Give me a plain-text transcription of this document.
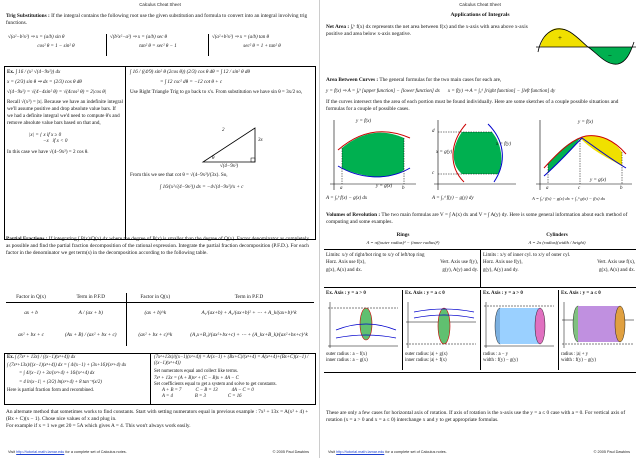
Calculus Cheat Sheet
Trig Substitutions : If the integral contains the following root use the given substitution and formula to convert into an integral involving trig functions.
√(a²−b²x²) ⇒ x = (a/b) sin θ
cos² θ = 1 − sin² θ
√(b²x²−a²) ⇒ x = (a/b) sec θ
tan² θ = sec² θ − 1
√(a²+b²x²) ⇒ x = (a/b) tan θ
sec² θ = 1 + tan² θ
Ex. ∫ 16 / (x² √(4−9x²)) dx
x = (2/3) sin θ ⇒ dx = (2/3) cos θ dθ
√(4−9x²) = √(4−4sin² θ) = √(4cos² θ) = 2|cos θ|
Recall √(x²) = |x|. Because we have an indefinite integral we'll assume positive and drop absolute value bars. If we had a definite integral we'd need to compute θ's and remove absolute value bars based on that and,
|x| = { x if x ≥ 0
−x   if x < 0
In this case we have √(4−9x²) = 2 cos θ.
∫ 16 / ((4/9) sin² θ (2cos θ)) (2/3) cos θ dθ = ∫ 12 / sin² θ dθ
= ∫ 12 csc² dθ = −12 cot θ + c
Use Right Triangle Trig to go back to x's. From substitution we have sin θ = 3x/2 so,
2
3x
√(4−9x²)
θ
From this we see that cot θ = √(4−9x²)/(3x). So,
∫ 16/(x²√(4−9x²)) dx = −4√(4−9x²)/x + c
Partial Fractions : If integrating ∫ P(x)/Q(x) dx where the degree of P(x) is smaller than the degree of Q(x). Factor denominator as completely as possible and find the partial fraction decomposition of the rational expression. Integrate the partial fraction decomposition (P.F.D.). For each factor in the denominator we get term(s) in the decomposition according to the following table.
Factor in Q(x)	Term in P.F.D	Factor in Q(x)	Term in P.F.D
ax + b	A / (ax + b)	(ax + b)^k	A₁/(ax+b) + A₂/(ax+b)² + ⋯ + A_k/(ax+b)^k
ax² + bx + c	(Ax + B) / (ax² + bx + c)	(ax² + bx + c)^k	(A₁x+B₁)/(ax²+bx+c) + ⋯ + (A_kx+B_k)/(ax²+bx+c)^k
Ex. ∫ (7x² + 13x) / ((x−1)(x²+4)) dx
∫ (7x²+13x)/((x−1)(x²+4)) dx = ∫ 4/(x−1) + (3x+16)/(x²+4) dx
= ∫ 4/(x−1) + 3x/(x²+4) + 16/(x²+4) dx
= 4 ln|x−1| + (3/2) ln(x²+4) + 8 tan⁻¹(x/2)
Here is partial fraction form and recombined.
(7x²+13x)/((x−1)(x²+4)) = A/(x−1) + (Bx+C)/(x²+4) = A(x²+4)+(Bx+C)(x−1) / ((x−1)(x²+4))
Set numerators equal and collect like terms.
7x² + 13x = (A + B)x² + (C − B)x + 4A − C
Set coefficients equal to get a system and solve to get constants.
A + B = 7	C − B = 13	4A − C = 0
A = 4	B = 3	C = 16
An alternate method that sometimes works to find constants. Start with setting numerators equal in previous example : 7x² + 13x = A(x² + 4) + (Bx + C)(x − 1). Chose nice values of x and plug in.
For example if x = 1 we get 20 = 5A which gives A = 4. This won't always work easily.
Visit http://tutorial.math.lamar.edu for a complete set of Calculus notes.	© 2005 Paul Dawkins
Calculus Cheat Sheet
Applications of Integrals
Net Area : ∫ₐᵇ f(x) dx represents the net area between f(x) and the x-axis with area above x-axis positive and area below x-axis negative.
+
−
Area Between Curves : The general formulas for the two main cases for each are,
y = f(x) ⇒ A = ∫ₐᵇ [upper function] − [lower function] dx x = f(y) ⇒ A = ∫꜀ᵈ [right function] − [left function] dy
If the curves intersect then the area of each portion must be found individually. Here are some sketches of a couple possible situations and formulas for a couple of possible cases.
y = f(x)
y = g(x)
a	b
A = ∫ₐᵇ f(x) − g(x) dx
x = g(y)
x = f(y)
c
d
A = ∫꜀ᵈ f(y) − g(y) dy
y = f(x)
y = g(x)
a	c	b
A = ∫ₐᶜ f(x) − g(x) dx + ∫꜀ᵇ g(x) − f(x) dx
Volumes of Revolution : The two main formulas are V = ∫ A(x) dx and V = ∫ A(y) dy. Here is some general information about each method of computing and some examples.
Rings	Cylinders
A = π((outer radius)² − (inner radius)²)	A = 2π (radius)(width / height)
Limits: x/y of right/bot ring to x/y of left/top ring
Horz. Axis use f(x),	Vert. Axis use f(y),
g(x), A(x) and dx.	g(y), A(y) and dy.
Limits : x/y of inner cyl. to x/y of outer cyl.
Horz. Axis use f(y),	Vert. Axis use f(x),
g(y), A(y) and dy.	g(x), A(x) and dx.
Ex. Axis : y = a > 0	Ex. Axis : y = a ≤ 0	Ex. Axis : y = a > 0	Ex. Axis : y = a ≤ 0
outer radius : a − f(x)
inner radius : a − g(x)
outer radius: |a| + g(x)
inner radius: |a| + f(x)
radius : a − y
width : f(y) − g(y)
radius : |a| + y
width : f(y) − g(y)
These are only a few cases for horizontal axis of rotation. If axis of rotation is the x-axis use the y = a ≤ 0 case with a = 0. For vertical axis of rotation (x = a > 0 and x = a ≤ 0) interchange x and y to get appropriate formulas.
Visit http://tutorial.math.lamar.edu for a complete set of Calculus notes.	© 2005 Paul Dawkins
